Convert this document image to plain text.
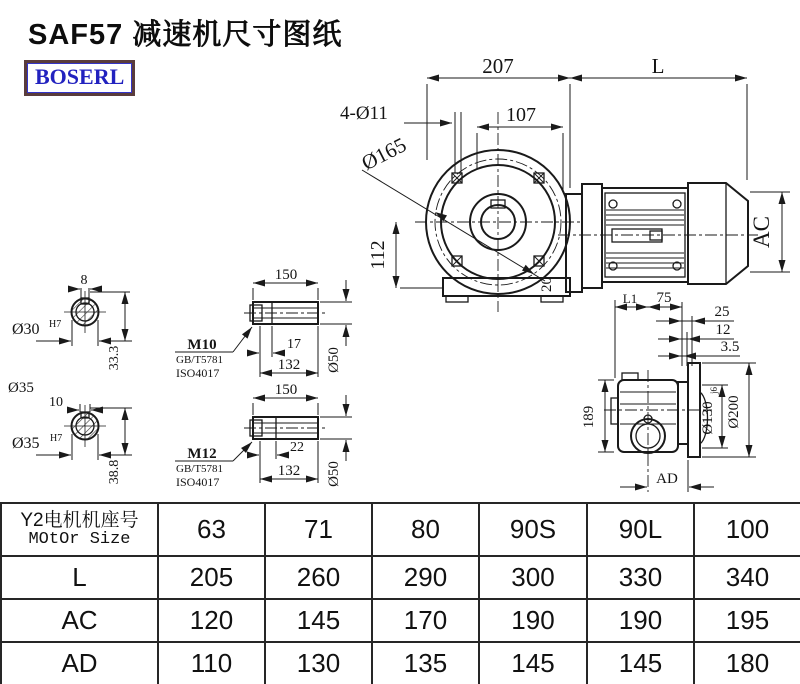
SAF57 减速机尺寸图纸
BOSERL
20
207	L
107
4-Ø11
Ø165
112
AC
L1 75
25
12
3.5
Ø130
j6
Ø200
189
AD
8
Ø30 H7
33.3
Ø35
10
Ø35 H7
38.8
150
M10
GB/T5781
ISO4017
17
132 Ø50
150
M12
GB/T5781
ISO4017
22
132 Ø50
Y2电机机座号
MOtOr Size	63	71	80	90S	90L	100
L	205	260	290	300	330	340
AC	120	145	170	190	190	195
AD	110	130	135	145	145	180
